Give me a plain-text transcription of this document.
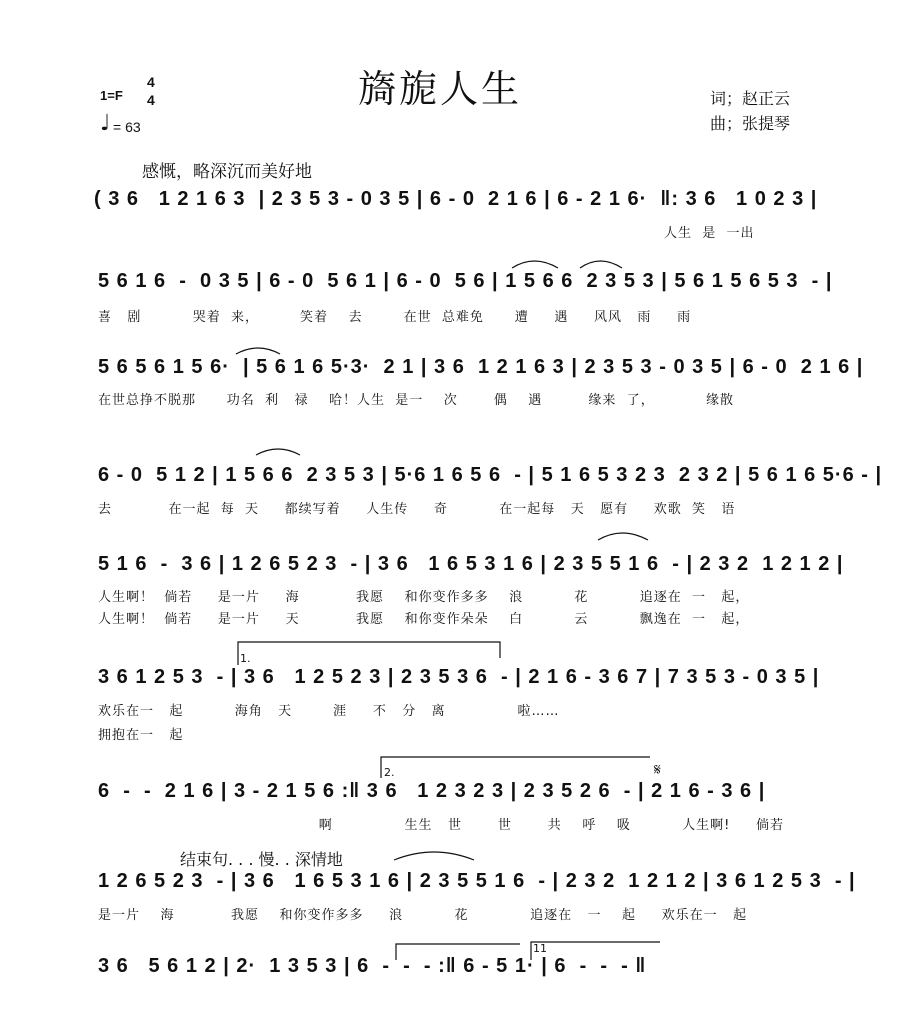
1=F
4
4
♩ = 63
旖旎人生	词；赵正云
曲；张提琴
感慨，略深沉而美好地
结束句. . . 慢. . 深情地
( 3 6   1 2 1 6 3  | 2 3 5 3 - 0 3 5 | 6 - 0  2 1 6 | 6 - 2 1 6·  ‖: 3 6   1 0 2 3 |
人生  是  一出
5 6 1 6  -  0 3 5 | 6 - 0  5 6 1 | 6 - 0  5 6 | 1 5 6 6  2 3 5 3 | 5 6 1 5 6 5 3  - |
喜   剧          哭着  来，        笑着    去        在世  总难免      遭     遇     风风   雨     雨
5 6 5 6 1 5 6·  | 5 6 1 6 5·3·  2 1 | 3 6  1 2 1 6 3 | 2 3 5 3 - 0 3 5 | 6 - 0  2 1 6 |
在世总挣不脱那      功名  利   禄    哈！人生  是一    次       偶    遇         缘来  了，          缘散
6 - 0  5 1 2 | 1 5 6 6  2 3 5 3 | 5·6 1 6 5 6  - | 5 1 6 5 3 2 3  2 3 2 | 5 6 1 6 5·6 - |
去           在一起  每  天     都续写着     人生传     奇          在一起每   天   愿有     欢歌  笑   语
5 1 6  -  3 6 | 1 2 6 5 2 3  - | 3 6   1 6 5 3 1 6 | 2 3 5 5 1 6  - | 2 3 2  1 2 1 2 |
人生啊！  倘若     是一片     海           我愿    和你变作多多    浪          花          追逐在  一   起，
人生啊！  倘若     是一片     天           我愿    和你变作朵朵    白          云          飘逸在  一   起，
3 6 1 2 5 3  - | 3 6   1 2 5 2 3 | 2 3 5 3 6  - | 2 1 6 - 3 6 7 | 7 3 5 3 - 0 3 5 |
欢乐在一   起          海角   天        涯     不   分   离              啦……
拥抱在一   起
6  -  -  2 1 6 | 3 - 2 1 5 6 :‖ 3 6   1 2 3 2 3 | 2 3 5 2 6  - | 2 1 6 - 3 6 |
啊              生生   世       世       共    呼    吸          人生啊!     倘若
1 2 6 5 2 3  - | 3 6   1 6 5 3 1 6 | 2 3 5 5 1 6  - | 2 3 2  1 2 1 2 | 3 6 1 2 5 3  - |
是一片    海           我愿    和你变作多多     浪          花            追逐在   一    起     欢乐在一   起
3 6   5 6 1 2 | 2·  1 3 5 3 | 6  -  -  - :‖ 6 - 5 1· | 6  -  -  - ‖
1.
2.	𝄋
11
